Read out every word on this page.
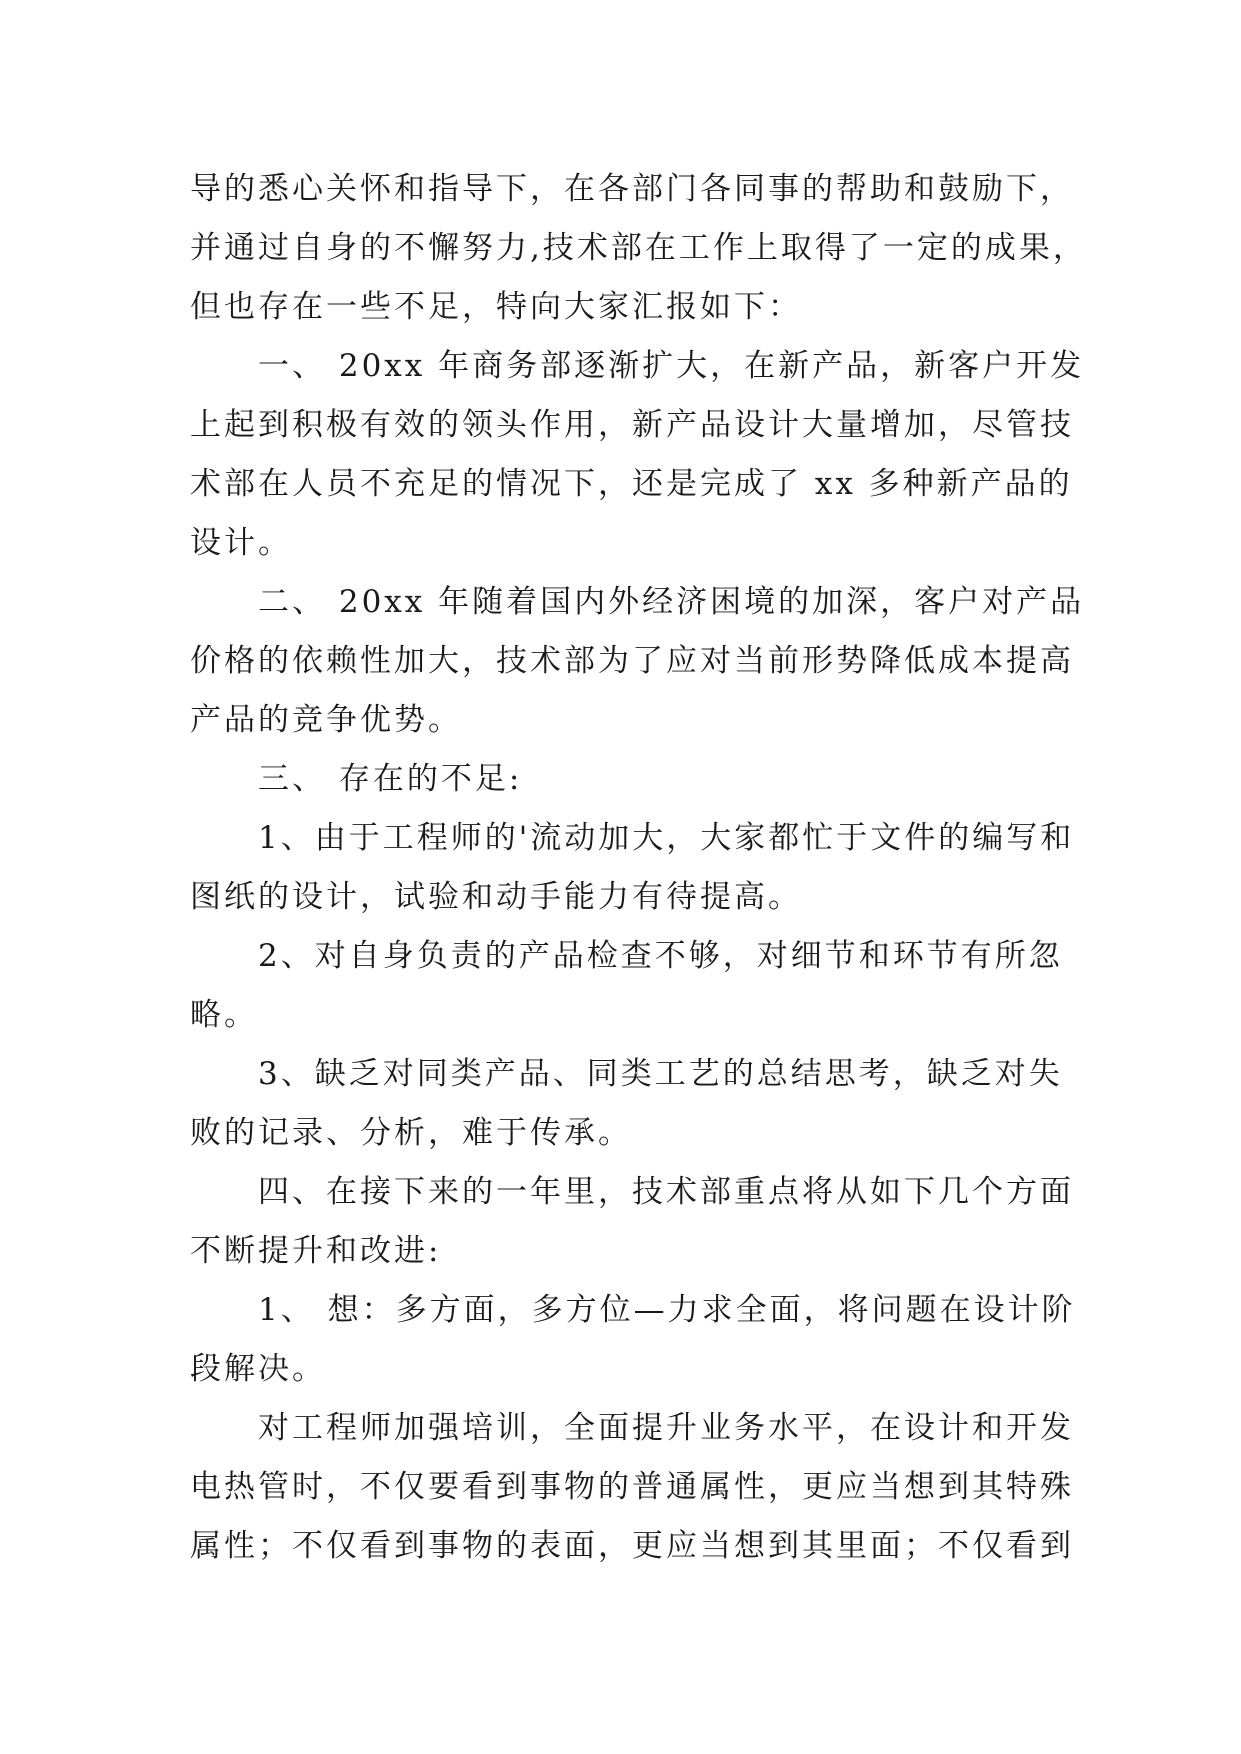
导的悉心关怀和指导下，在各部门各同事的帮助和鼓励下，
并通过自身的不懈努力,技术部在工作上取得了一定的成果，
但也存在一些不足，特向大家汇报如下：
　　一、 20xx 年商务部逐渐扩大，在新产品，新客户开发
上起到积极有效的领头作用，新产品设计大量增加，尽管技
术部在人员不充足的情况下，还是完成了 xx 多种新产品的
设计。
　　二、 20xx 年随着国内外经济困境的加深，客户对产品
价格的依赖性加大，技术部为了应对当前形势降低成本提高
产品的竞争优势。
　　三、 存在的不足:
　　1、由于工程师的'流动加大，大家都忙于文件的编写和
图纸的设计，试验和动手能力有待提高。
　　2、对自身负责的产品检查不够，对细节和环节有所忽
略。
　　3、缺乏对同类产品、同类工艺的总结思考，缺乏对失
败的记录、分析，难于传承。
　　四、在接下来的一年里，技术部重点将从如下几个方面
不断提升和改进:
　　1、 想：多方面，多方位—力求全面，将问题在设计阶
段解决。
　　对工程师加强培训，全面提升业务水平，在设计和开发
电热管时，不仅要看到事物的普通属性，更应当想到其特殊
属性；不仅看到事物的表面，更应当想到其里面；不仅看到
